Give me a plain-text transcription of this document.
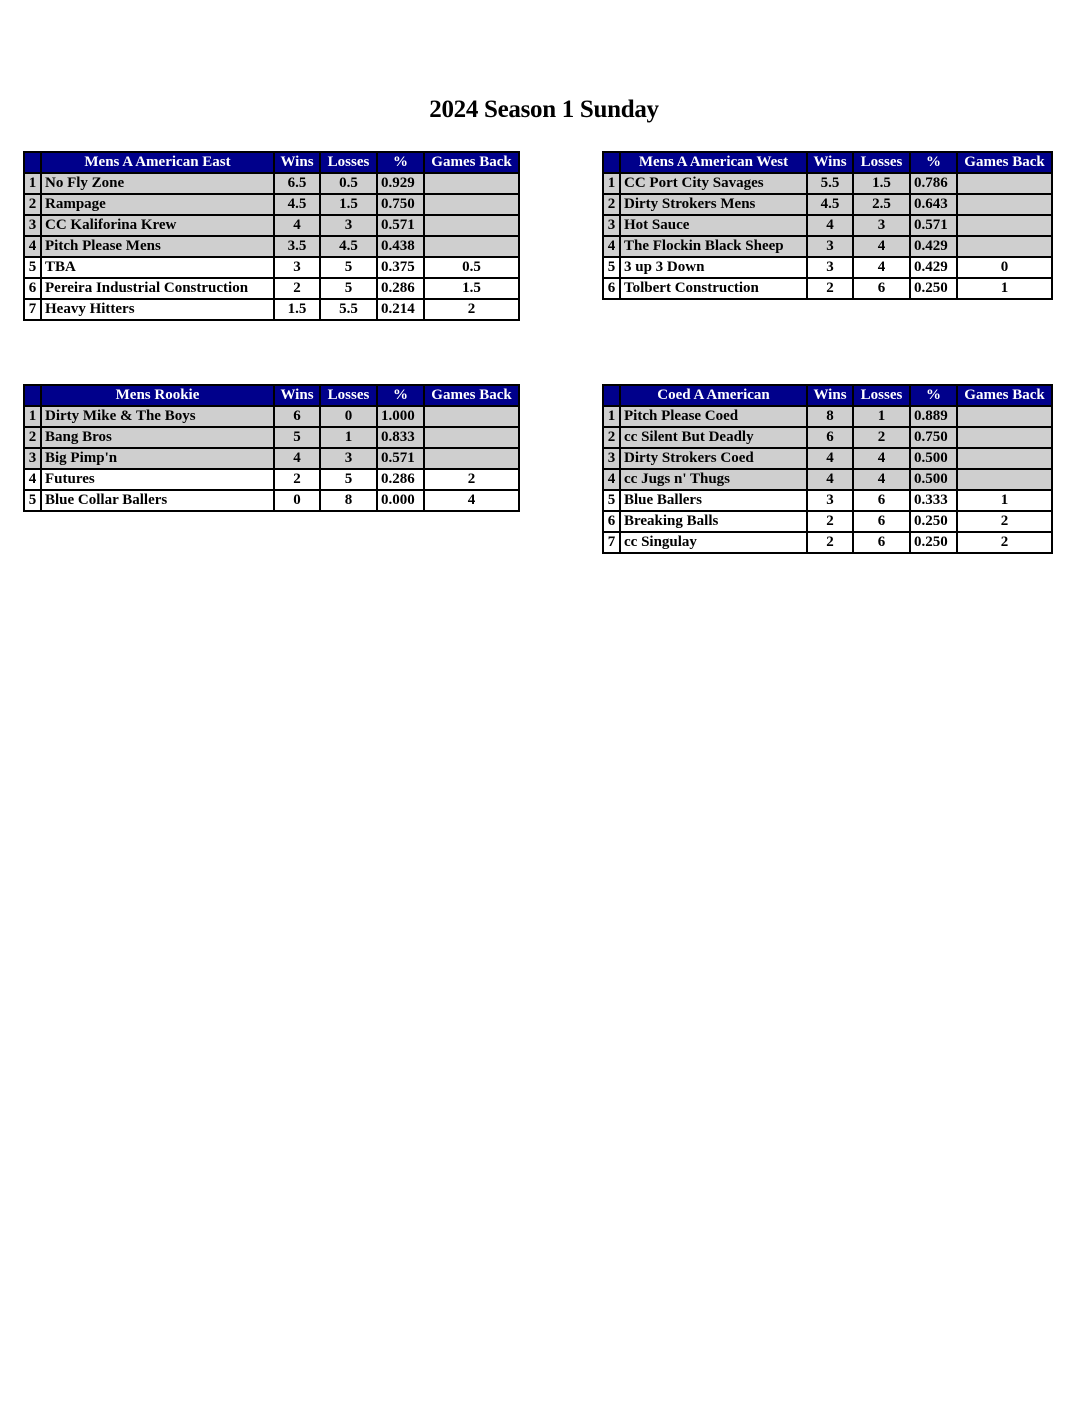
2024 Season 1 Sunday
	Mens A American East	Wins	Losses	%	Games Back
1	No Fly Zone	6.5	0.5	0.929	
2	Rampage	4.5	1.5	0.750	
3	CC Kaliforina Krew	4	3	0.571	
4	Pitch Please Mens	3.5	4.5	0.438	
5	TBA	3	5	0.375	0.5
6	Pereira Industrial Construction	2	5	0.286	1.5
7	Heavy Hitters	1.5	5.5	0.214	2
	Mens A American West	Wins	Losses	%	Games Back
1	CC Port City Savages	5.5	1.5	0.786	
2	Dirty Strokers Mens	4.5	2.5	0.643	
3	Hot Sauce	4	3	0.571	
4	The Flockin Black Sheep	3	4	0.429	
5	3 up 3 Down	3	4	0.429	0
6	Tolbert Construction	2	6	0.250	1
	Mens Rookie	Wins	Losses	%	Games Back
1	Dirty Mike & The Boys	6	0	1.000	
2	Bang Bros	5	1	0.833	
3	Big Pimp'n	4	3	0.571	
4	Futures	2	5	0.286	2
5	Blue Collar Ballers	0	8	0.000	4
	Coed A American	Wins	Losses	%	Games Back
1	Pitch Please Coed	8	1	0.889	
2	cc Silent But Deadly	6	2	0.750	
3	Dirty Strokers Coed	4	4	0.500	
4	cc Jugs n' Thugs	4	4	0.500	
5	Blue Ballers	3	6	0.333	1
6	Breaking Balls	2	6	0.250	2
7	cc Singulay	2	6	0.250	2
